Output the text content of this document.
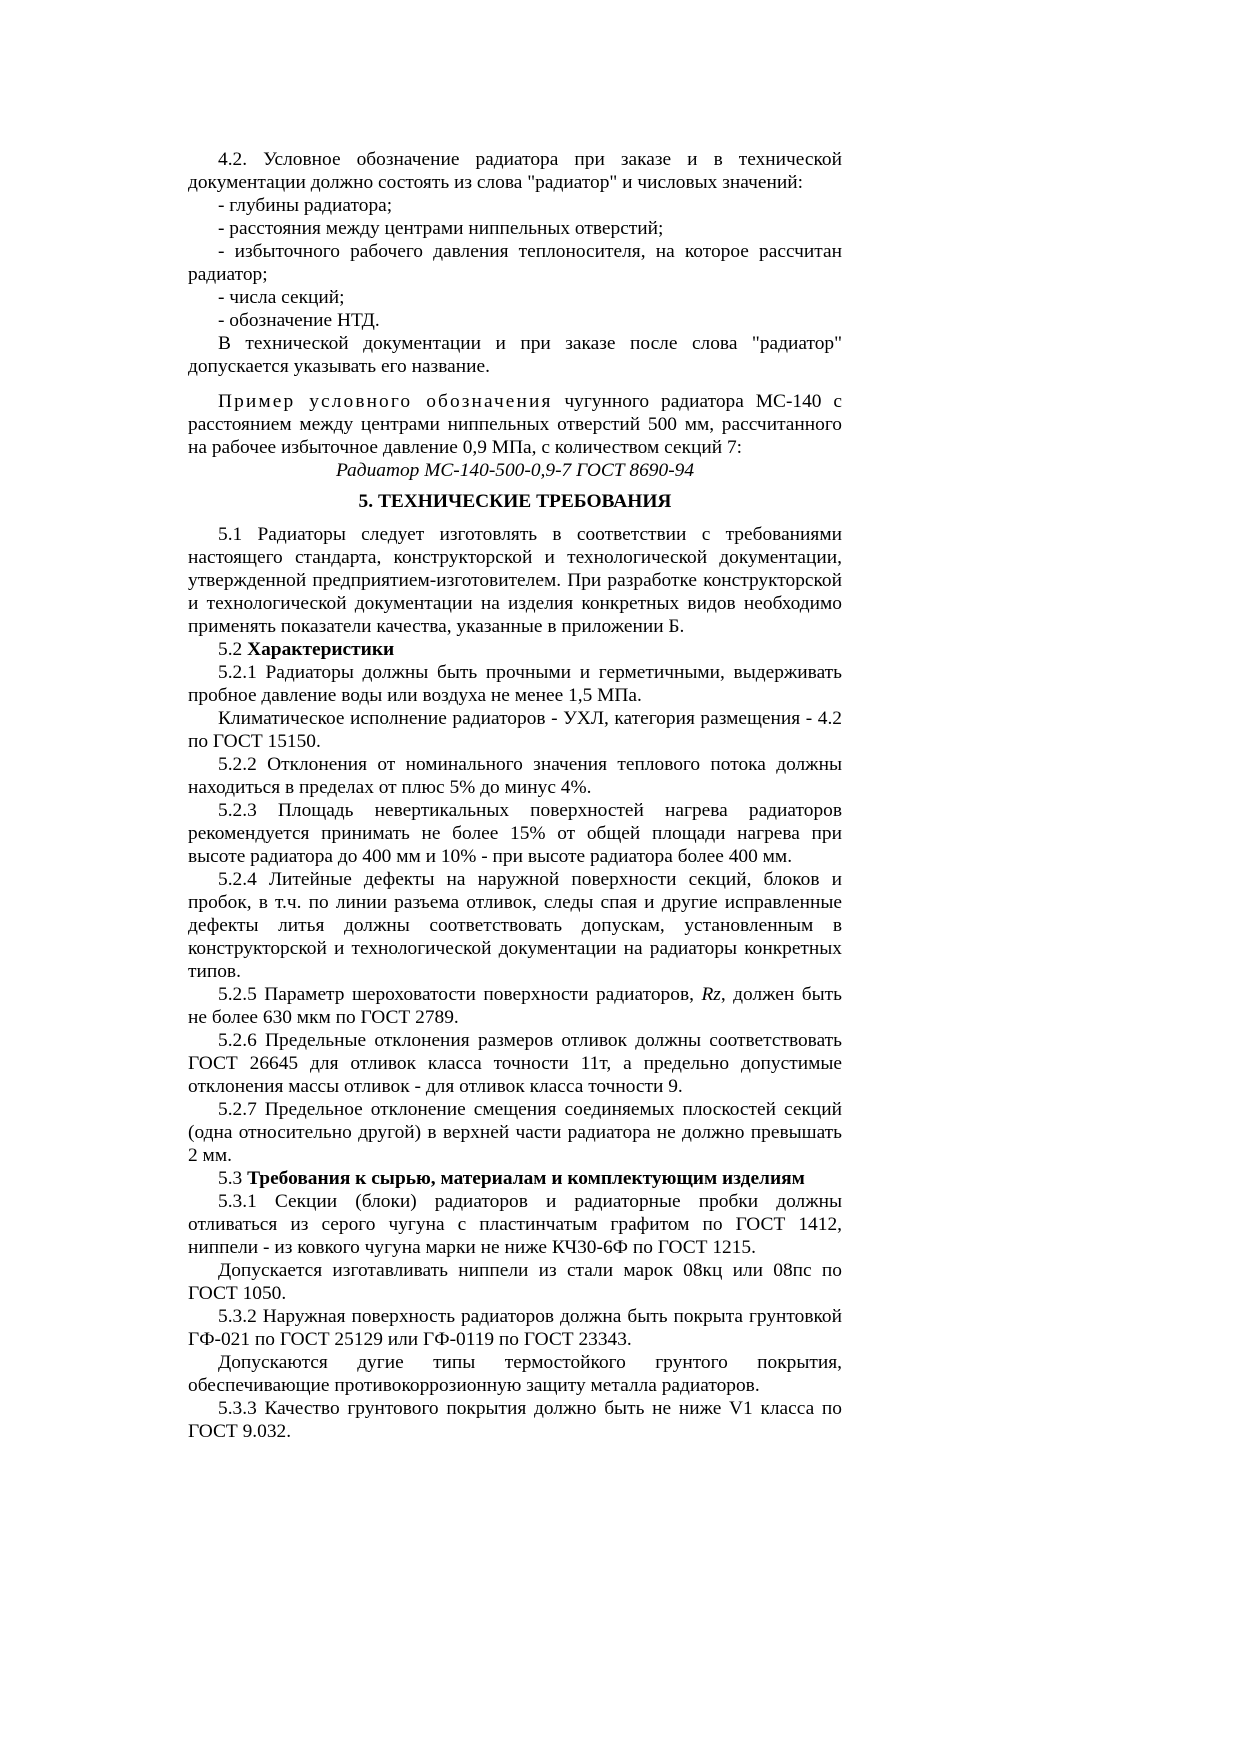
4.2. Условное обозначение радиатора при заказе и в технической документации должно состоять из слова "радиатор" и числовых значений:

- глубины радиатора;

- расстояния между центрами ниппельных отверстий;

- избыточного рабочего давления теплоносителя, на которое рассчитан радиатор;

- числа секций;

- обозначение НТД.

В технической документации и при заказе после слова "радиатор" допускается указывать его название.

Пример условного обозначения чугунного радиатора МС-140 с расстоянием между центрами ниппельных отверстий 500 мм, рассчитанного на рабочее избыточное давление 0,9 МПа, с количеством секций 7:

Радиатор МС-140-500-0,9-7 ГОСТ 8690-94

5. ТЕХНИЧЕСКИЕ ТРЕБОВАНИЯ

5.1 Радиаторы следует изготовлять в соответствии с требованиями настоящего стандарта, конструкторской и технологической документации, утвержденной предприятием-изготовителем. При разработке конструкторской и технологической документации на изделия конкретных видов необходимо применять показатели качества, указанные в приложении Б.

5.2 Характеристики

5.2.1 Радиаторы должны быть прочными и герметичными, выдерживать пробное давление воды или воздуха не менее 1,5 МПа.

Климатическое исполнение радиаторов - УХЛ, категория размещения - 4.2 по ГОСТ 15150.

5.2.2 Отклонения от номинального значения теплового потока должны находиться в пределах от плюс 5% до минус 4%.

5.2.3 Площадь невертикальных поверхностей нагрева радиаторов рекомендуется принимать не более 15% от общей площади нагрева при высоте радиатора до 400 мм и 10% - при высоте радиатора более 400 мм.

5.2.4 Литейные дефекты на наружной поверхности секций, блоков и пробок, в т.ч. по линии разъема отливок, следы спая и другие исправленные дефекты литья должны соответствовать допускам, установленным в конструкторской и технологической документации на радиаторы конкретных типов.

5.2.5 Параметр шероховатости поверхности радиаторов, Rz, должен быть не более 630 мкм по ГОСТ 2789.

5.2.6 Предельные отклонения размеров отливок должны соответствовать ГОСТ 26645 для отливок класса точности 11т, а предельно допустимые отклонения массы отливок - для отливок класса точности 9.

5.2.7 Предельное отклонение смещения соединяемых плоскостей секций (одна относительно другой) в верхней части радиатора не должно превышать 2 мм.

5.3 Требования к сырью, материалам и комплектующим изделиям

5.3.1 Секции (блоки) радиаторов и радиаторные пробки должны отливаться из серого чугуна с пластинчатым графитом по ГОСТ 1412, ниппели - из ковкого чугуна марки не ниже КЧ30-6Ф по ГОСТ 1215.

Допускается изготавливать ниппели из стали марок 08кц или 08пс по ГОСТ 1050.

5.3.2 Наружная поверхность радиаторов должна быть покрыта грунтовкой ГФ-021 по ГОСТ 25129 или ГФ-0119 по ГОСТ 23343.

Допускаются дугие типы термостойкого грунтого покрытия, обеспечивающие противокоррозионную защиту металла радиаторов.

5.3.3 Качество грунтового покрытия должно быть не ниже V1 класса по ГОСТ 9.032.
